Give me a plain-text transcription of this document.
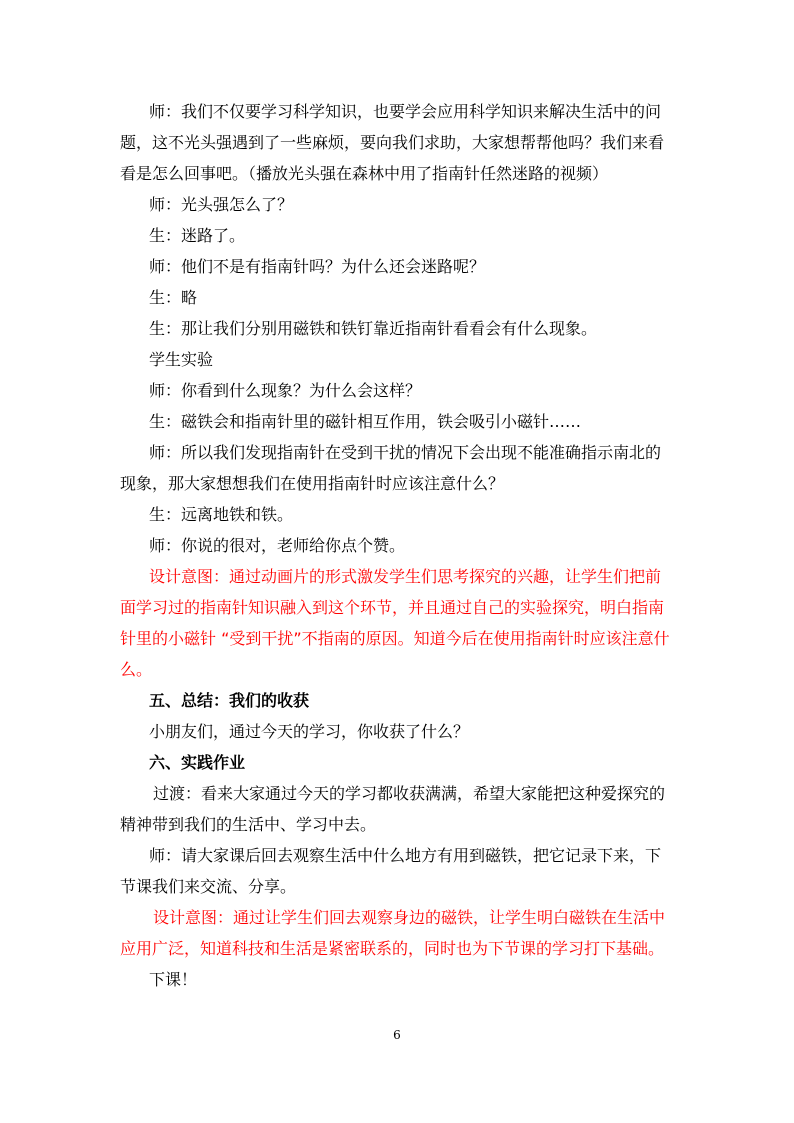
师：我们不仅要学习科学知识，也要学会应用科学知识来解决生活中的问

题，这不光头强遇到了一些麻烦，要向我们求助，大家想帮帮他吗？我们来看

看是怎么回事吧。（播放光头强在森林中用了指南针任然迷路的视频）

师：光头强怎么了？

生：迷路了。

师：他们不是有指南针吗？为什么还会迷路呢？

生：略

生：那让我们分别用磁铁和铁钉靠近指南针看看会有什么现象。

学生实验

师：你看到什么现象？为什么会这样？

生：磁铁会和指南针里的磁针相互作用，铁会吸引小磁针……

师：所以我们发现指南针在受到干扰的情况下会出现不能准确指示南北的

现象，那大家想想我们在使用指南针时应该注意什么？

生：远离地铁和铁。

师：你说的很对，老师给你点个赞。

设计意图：通过动画片的形式激发学生们思考探究的兴趣，让学生们把前

面学习过的指南针知识融入到这个环节，并且通过自己的实验探究，明白指南

针里的小磁针 “受到干扰”不指南的原因。知道今后在使用指南针时应该注意什

么。

五、总结：我们的收获

小朋友们，通过今天的学习，你收获了什么？

六、实践作业

过渡：看来大家通过今天的学习都收获满满，希望大家能把这种爱探究的

精神带到我们的生活中、学习中去。

师：请大家课后回去观察生活中什么地方有用到磁铁，把它记录下来，下

节课我们来交流、分享。

设计意图：通过让学生们回去观察身边的磁铁，让学生明白磁铁在生活中

应用广泛，知道科技和生活是紧密联系的，同时也为下节课的学习打下基础。

下课！

6
